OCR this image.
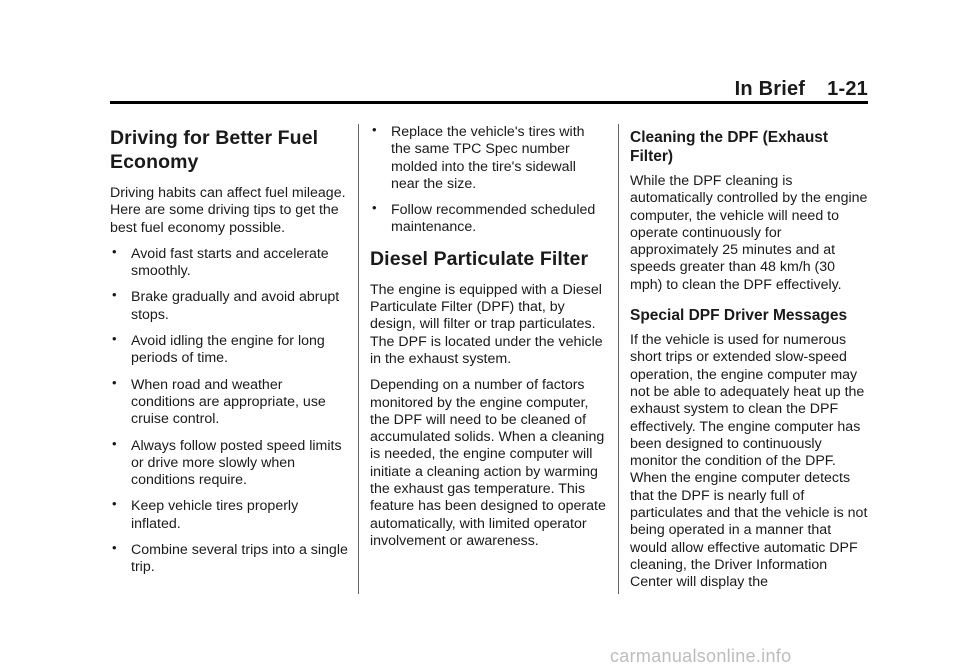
In Brief 1-21
Driving for Better Fuel Economy

Driving habits can affect fuel mileage. Here are some driving tips to get the best fuel economy possible.

• Avoid fast starts and accelerate smoothly.
• Brake gradually and avoid abrupt stops.
• Avoid idling the engine for long periods of time.
• When road and weather conditions are appropriate, use cruise control.
• Always follow posted speed limits or drive more slowly when conditions require.
• Keep vehicle tires properly inflated.
• Combine several trips into a single trip.
• Replace the vehicle's tires with the same TPC Spec number molded into the tire's sidewall near the size.
• Follow recommended scheduled maintenance.
Diesel Particulate Filter

The engine is equipped with a Diesel Particulate Filter (DPF) that, by design, will filter or trap particulates. The DPF is located under the vehicle in the exhaust system.

Depending on a number of factors monitored by the engine computer, the DPF will need to be cleaned of accumulated solids. When a cleaning is needed, the engine computer will initiate a cleaning action by warming the exhaust gas temperature. This feature has been designed to operate automatically, with limited operator involvement or awareness.

Cleaning the DPF (Exhaust Filter)

While the DPF cleaning is automatically controlled by the engine computer, the vehicle will need to operate continuously for approximately 25 minutes and at speeds greater than 48 km/h (30 mph) to clean the DPF effectively.

Special DPF Driver Messages

If the vehicle is used for numerous short trips or extended slow-speed operation, the engine computer may not be able to adequately heat up the exhaust system to clean the DPF effectively. The engine computer has been designed to continuously monitor the condition of the DPF. When the engine computer detects that the DPF is nearly full of particulates and that the vehicle is not being operated in a manner that would allow effective automatic DPF cleaning, the Driver Information Center will display the

carmanualsonline.info
